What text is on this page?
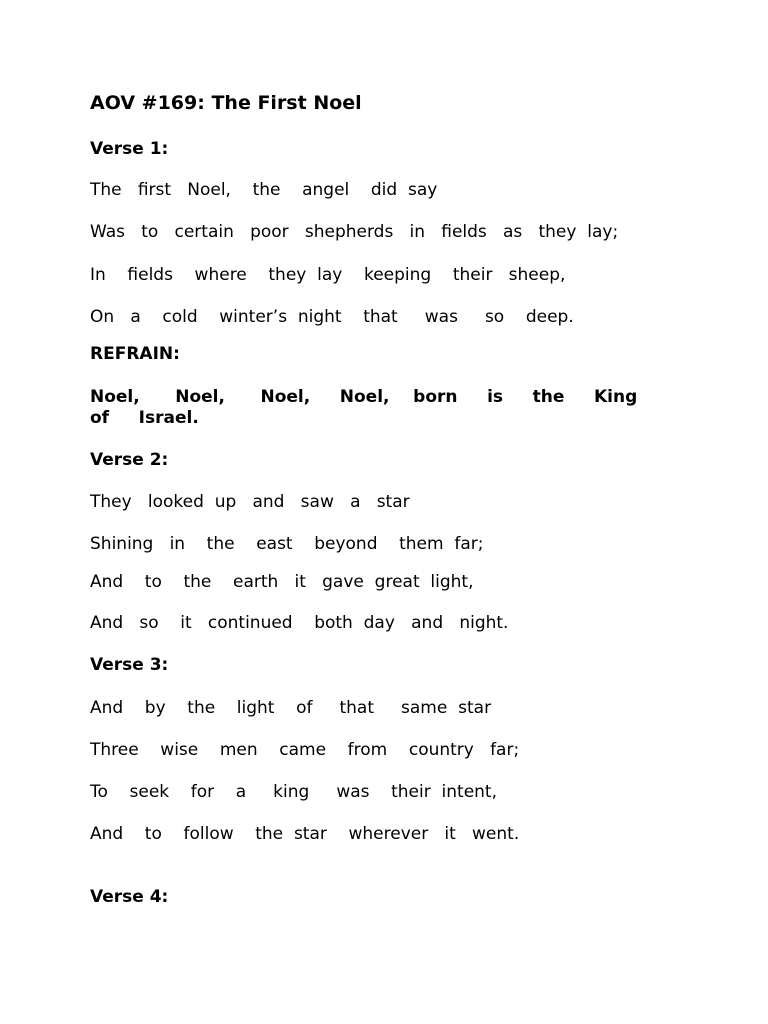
AOV #169: The First Noel
Verse 1:
The   first   Noel,    the    angel    did  say
Was   to   certain   poor   shepherds   in   fields   as   they  lay;
In    fields    where    they  lay    keeping    their   sheep,
On   a    cold    winter’s  night    that     was     so    deep.
REFRAIN:
Noel,      Noel,      Noel,     Noel,    born     is     the     King
of     Israel.
Verse 2:
They   looked  up   and   saw   a   star
Shining   in    the    east    beyond    them  far;
And    to    the    earth   it   gave  great  light,
And   so    it   continued    both  day   and   night.
Verse 3:
And    by    the    light    of     that     same  star
Three    wise    men    came    from    country   far;
To    seek    for    a     king     was    their  intent,
And    to    follow    the  star    wherever   it   went.
Verse 4:
